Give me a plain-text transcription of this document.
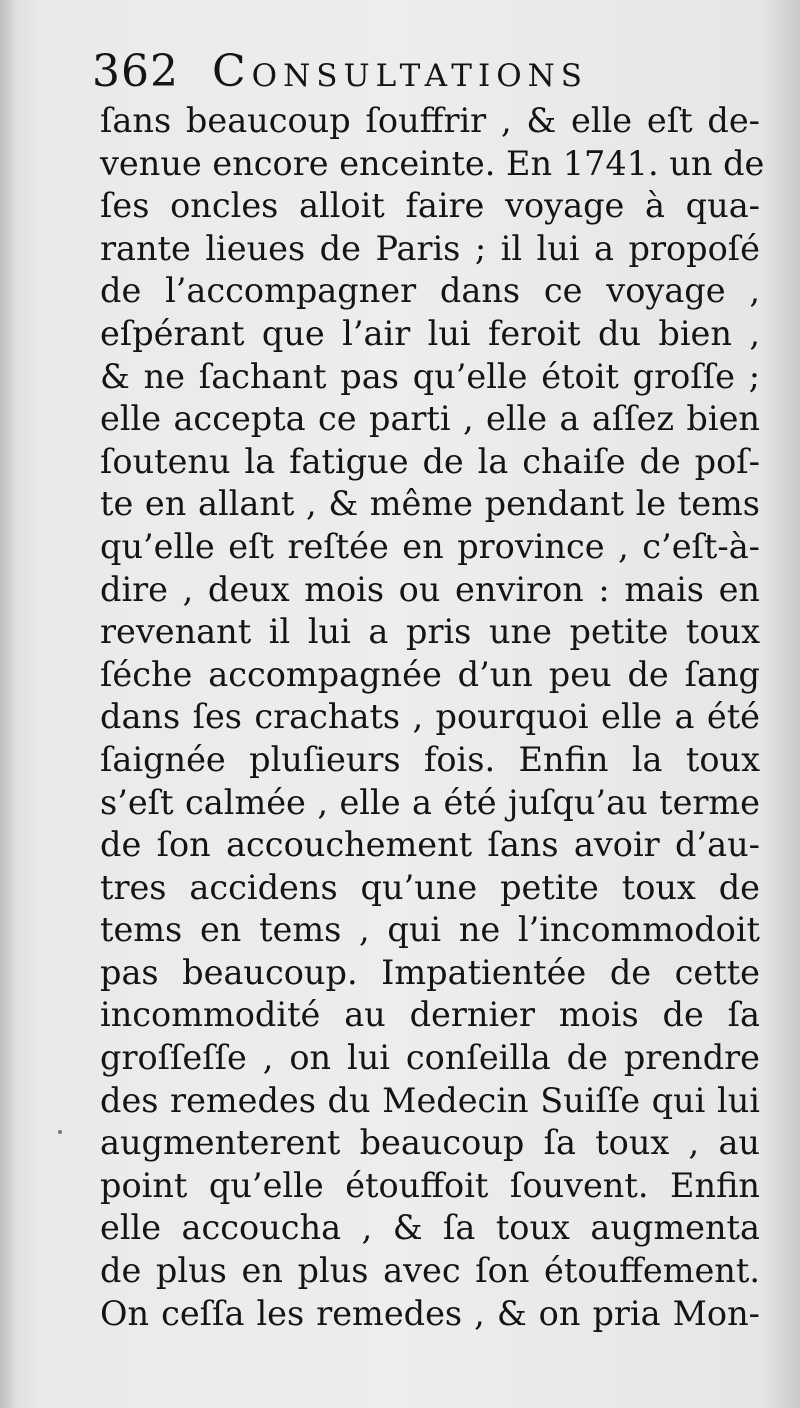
362 Consultations
ſans beaucoup ſouffrir , & elle eſt de-
venue encore enceinte. En 1741. un de
ſes oncles alloit faire voyage à qua-
rante lieues de Paris ; il lui a propoſé
de l’accompagner dans ce voyage ,
eſpérant que l’air lui feroit du bien ,
& ne ſachant pas qu’elle étoit groſſe ;
elle accepta ce parti , elle a aſſez bien
ſoutenu la fatigue de la chaiſe de poſ-
te en allant , & même pendant le tems
qu’elle eſt reſtée en province , c’eſt-à-
dire , deux mois ou environ : mais en
revenant il lui a pris une petite toux
ſéche accompagnée d’un peu de ſang
dans ſes crachats , pourquoi elle a été
ſaignée pluſieurs fois. Enfin la toux
s’eſt calmée , elle a été juſqu’au terme
de ſon accouchement ſans avoir d’au-
tres accidens qu’une petite toux de
tems en tems , qui ne l’incommodoit
pas beaucoup. Impatientée de cette
incommodité au dernier mois de ſa
groſſeſſe , on lui conſeilla de prendre
des remedes du Medecin Suiſſe qui lui
augmenterent beaucoup ſa toux , au
point qu’elle étouffoit ſouvent. Enfin
elle accoucha , & ſa toux augmenta
de plus en plus avec ſon étouffement.
On ceſſa les remedes , & on pria Mon-
